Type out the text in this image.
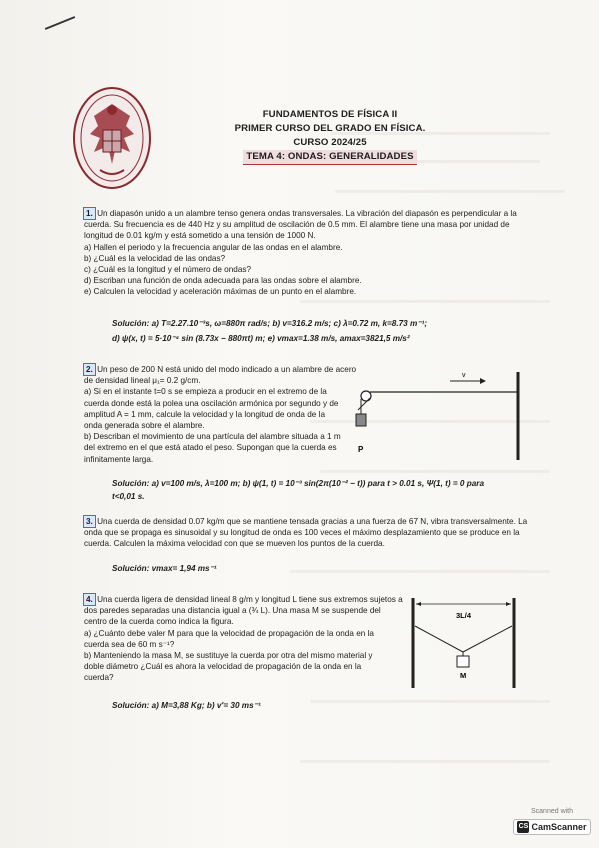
FUNDAMENTOS DE FÍSICA II
PRIMER CURSO DEL GRADO EN FÍSICA.
CURSO 2024/25
TEMA 4: ONDAS: GENERALIDADES
1. Un diapasón unido a un alambre tenso genera ondas transversales. La vibración del diapasón es perpendicular a la
cuerda. Su frecuencia es de 440 Hz y su amplitud de oscilación de 0.5 mm. El alambre tiene una masa por unidad de
longitud de 0.01 kg/m y está sometido a una tensión de 1000 N.
a) Hallen el periodo y la frecuencia angular de las ondas en el alambre.
b) ¿Cuál es la velocidad de las ondas?
c) ¿Cuál es la longitud y el número de ondas?
d) Escriban una función de onda adecuada para las ondas sobre el alambre.
e) Calculen la velocidad y aceleración máximas de un punto en el alambre.
Solución: a) T=2.27.10⁻³s, ω=880π rad/s; b) v=316.2 m/s; c) λ=0.72 m, k=8.73 m⁻¹;
d) ψ(x, t) = 5·10⁻⁴ sin (8.73x − 880πt) m; e) vmax=1.38 m/s, amax=3821,5 m/s²
2. Un peso de 200 N está unido del modo indicado a un alambre de acero
de densidad lineal μ₁= 0.2 g/cm.
a) Si en el instante t=0 s se empieza a producir en el extremo de la
cuerda donde está la polea una oscilación armónica por segundo y de
amplitud A = 1 mm, calcule la velocidad y la longitud de onda de la
onda generada sobre el alambre.
b) Describan el movimiento de una partícula del alambre situada a 1 m
del extremo en el que está atado el peso. Supongan que la cuerda es
infinitamente larga.
v
P
Solución: a) v=100 m/s, λ=100 m; b) ψ(1, t) = 10⁻³ sin(2π(10⁻² − t)) para t > 0.01 s, Ψ(1, t) = 0 para
t<0,01 s.
3. Una cuerda de densidad 0.07 kg/m que se mantiene tensada gracias a una fuerza de 67 N, vibra transversalmente. La
onda que se propaga es sinusoidal y su longitud de onda es 100 veces el máximo desplazamiento que se produce en la
cuerda. Calculen la máxima velocidad con que se mueven los puntos de la cuerda.
Solución: vmax= 1,94 ms⁻¹
4. Una cuerda ligera de densidad lineal 8 g/m y longitud L tiene sus extremos sujetos a
dos paredes separadas una distancia igual a (¾ L). Una masa M se suspende del
centro de la cuerda como indica la figura.
a) ¿Cuánto debe valer M para que la velocidad de propagación de la onda en la
cuerda sea de 60 m s⁻¹?
b) Manteniendo la masa M, se sustituye la cuerda por otra del mismo material y
doble diámetro ¿Cuál es ahora la velocidad de propagación de la onda en la
cuerda?
3L/4
M
Solución: a) M=3,88 Kg; b) v'= 30 ms⁻¹
Scanned with
CS CamScanner
